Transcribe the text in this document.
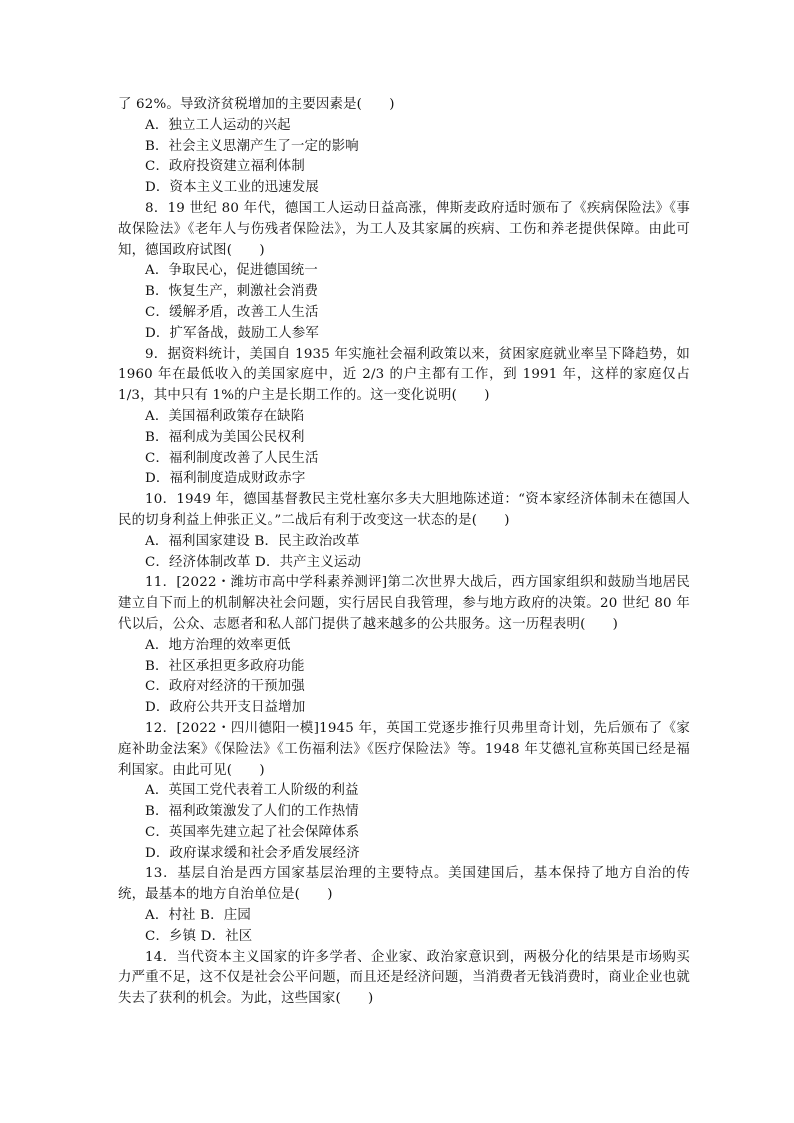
了 62%。导致济贫税增加的主要因素是(　　)

A．独立工人运动的兴起

B．社会主义思潮产生了一定的影响

C．政府投资建立福利体制

D．资本主义工业的迅速发展

8．19 世纪 80 年代，德国工人运动日益高涨，俾斯麦政府适时颁布了《疾病保险法》《事故保险法》《老年人与伤残者保险法》，为工人及其家属的疾病、工伤和养老提供保障。由此可知，德国政府试图(　　)

A．争取民心，促进德国统一

B．恢复生产，刺激社会消费

C．缓解矛盾，改善工人生活

D．扩军备战，鼓励工人参军

9．据资料统计，美国自 1935 年实施社会福利政策以来，贫困家庭就业率呈下降趋势，如 1960 年在最低收入的美国家庭中，近 2/3 的户主都有工作，到 1991 年，这样的家庭仅占 1/3，其中只有 1%的户主是长期工作的。这一变化说明(　　)

A．美国福利政策存在缺陷

B．福利成为美国公民权利

C．福利制度改善了人民生活

D．福利制度造成财政赤字

10．1949 年，德国基督教民主党杜塞尔多夫大胆地陈述道：“资本家经济体制未在德国人民的切身利益上伸张正义。”二战后有利于改变这一状态的是(　　)

A．福利国家建设 B．民主政治改革

C．经济体制改革 D．共产主义运动

11．[2022・潍坊市高中学科素养测评]第二次世界大战后，西方国家组织和鼓励当地居民建立自下而上的机制解决社会问题，实行居民自我管理，参与地方政府的决策。20 世纪 80 年代以后，公众、志愿者和私人部门提供了越来越多的公共服务。这一历程表明(　　)

A．地方治理的效率更低

B．社区承担更多政府功能

C．政府对经济的干预加强

D．政府公共开支日益增加

12．[2022・四川德阳一模]1945 年，英国工党逐步推行贝弗里奇计划，先后颁布了《家庭补助金法案》《保险法》《工伤福利法》《医疗保险法》等。1948 年艾德礼宣称英国已经是福利国家。由此可见(　　)

A．英国工党代表着工人阶级的利益

B．福利政策激发了人们的工作热情

C．英国率先建立起了社会保障体系

D．政府谋求缓和社会矛盾发展经济

13．基层自治是西方国家基层治理的主要特点。美国建国后，基本保持了地方自治的传统，最基本的地方自治单位是(　　)

A．村社 B．庄园

C．乡镇 D．社区

14．当代资本主义国家的许多学者、企业家、政治家意识到，两极分化的结果是市场购买力严重不足，这不仅是社会公平问题，而且还是经济问题，当消费者无钱消费时，商业企业也就失去了获利的机会。为此，这些国家(　　)
